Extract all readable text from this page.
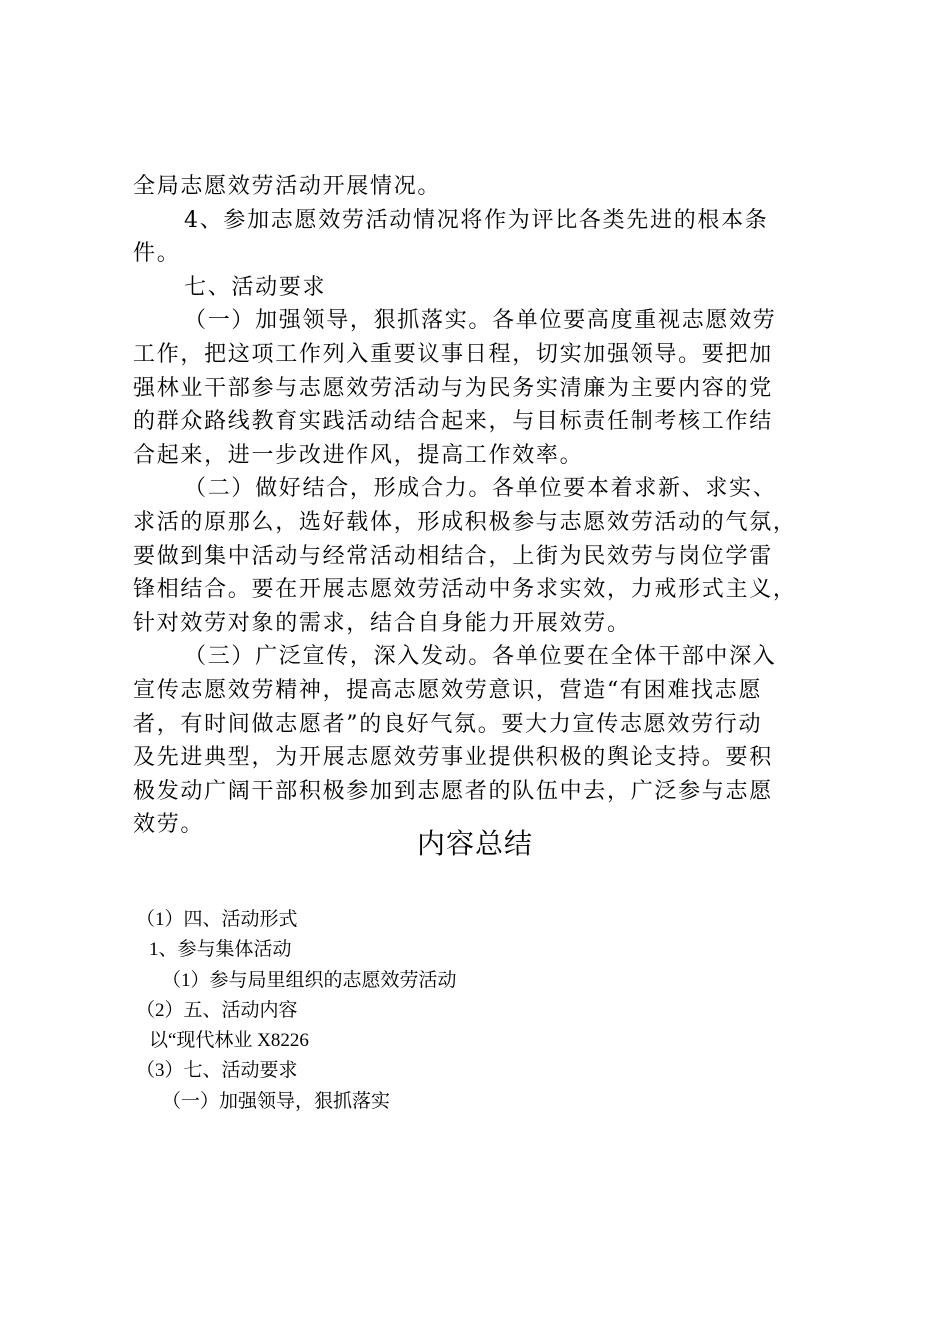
全局志愿效劳活动开展情况。

4、参加志愿效劳活动情况将作为评比各类先进的根本条

件。

七、活动要求

（一）加强领导，狠抓落实。各单位要高度重视志愿效劳

工作，把这项工作列入重要议事日程，切实加强领导。要把加

强林业干部参与志愿效劳活动与为民务实清廉为主要内容的党

的群众路线教育实践活动结合起来，与目标责任制考核工作结

合起来，进一步改进作风，提高工作效率。

（二）做好结合，形成合力。各单位要本着求新、求实、

求活的原那么，选好载体，形成积极参与志愿效劳活动的气氛，

要做到集中活动与经常活动相结合，上街为民效劳与岗位学雷

锋相结合。要在开展志愿效劳活动中务求实效，力戒形式主义，

针对效劳对象的需求，结合自身能力开展效劳。

（三）广泛宣传，深入发动。各单位要在全体干部中深入

宣传志愿效劳精神，提高志愿效劳意识，营造“有困难找志愿

者，有时间做志愿者”的良好气氛。要大力宣传志愿效劳行动

及先进典型，为开展志愿效劳事业提供积极的舆论支持。要积

极发动广阔干部积极参加到志愿者的队伍中去，广泛参与志愿

效劳。

内容总结
（1）四、活动形式
1、参与集体活动
（1）参与局里组织的志愿效劳活动
（2）五、活动内容
以“现代林业 X8226
（3）七、活动要求
（一）加强领导，狠抓落实
